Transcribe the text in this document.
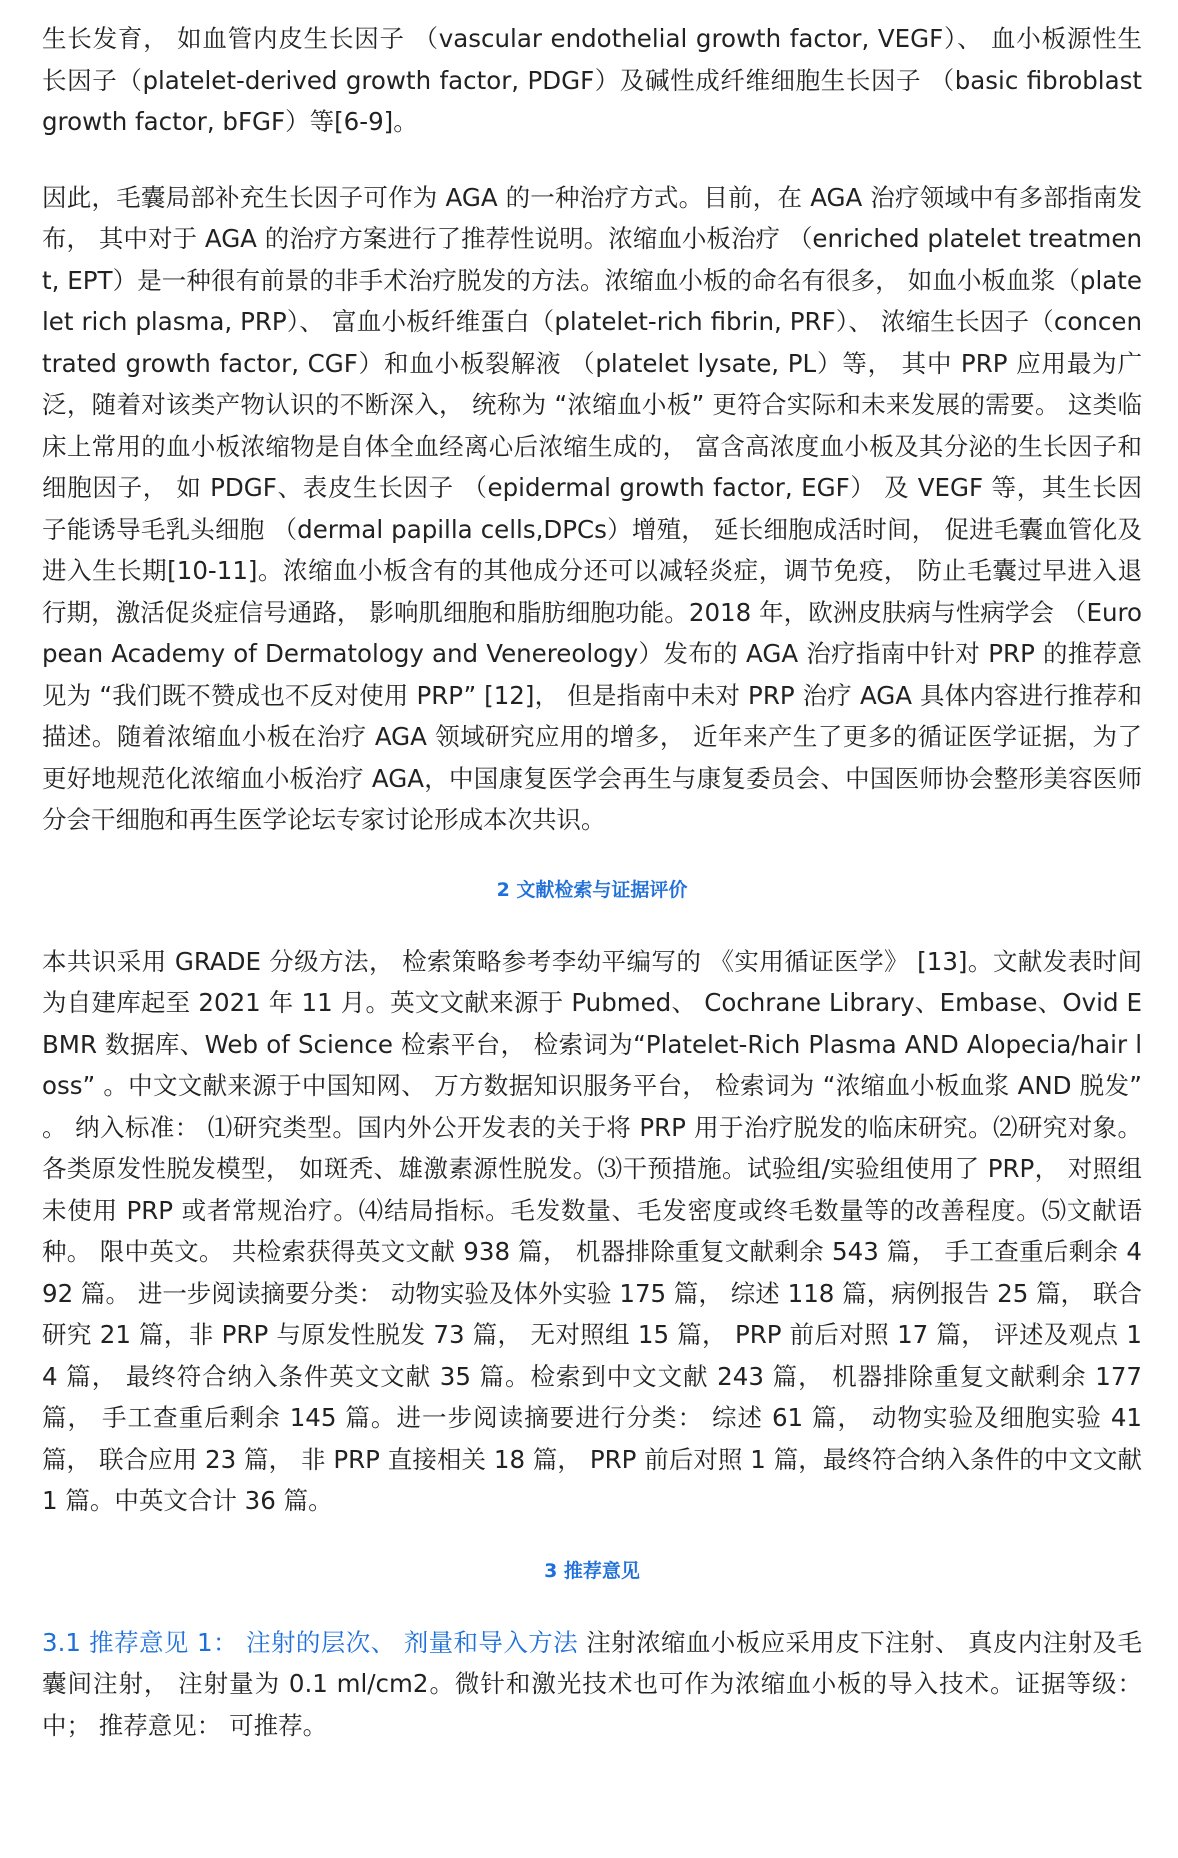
生长发育， 如血管内皮生长因子 （vascular endothelial growth factor, VEGF）、 血小板源性生长因子（platelet-derived growth factor, PDGF）及碱性成纤维细胞生长因子 （basic fibroblast growth factor, bFGF）等[6-9]。

因此，毛囊局部补充生长因子可作为 AGA 的一种治疗方式。目前，在 AGA 治疗领域中有多部指南发布， 其中对于 AGA 的治疗方案进行了推荐性说明。浓缩血小板治疗 （enriched platelet treatment, EPT）是一种很有前景的非手术治疗脱发的方法。浓缩血小板的命名有很多， 如血小板血浆（platelet rich plasma, PRP）、 富血小板纤维蛋白（platelet-rich fibrin, PRF）、 浓缩生长因子（concentrated growth factor, CGF）和血小板裂解液 （platelet lysate, PL）等， 其中 PRP 应用最为广泛，随着对该类产物认识的不断深入， 统称为 “浓缩血小板” 更符合实际和未来发展的需要。 这类临床上常用的血小板浓缩物是自体全血经离心后浓缩生成的， 富含高浓度血小板及其分泌的生长因子和细胞因子， 如 PDGF、表皮生长因子 （epidermal growth factor, EGF） 及 VEGF 等，其生长因子能诱导毛乳头细胞 （dermal papilla cells,DPCs）增殖， 延长细胞成活时间， 促进毛囊血管化及进入生长期[10-11]。浓缩血小板含有的其他成分还可以减轻炎症，调节免疫， 防止毛囊过早进入退行期，激活促炎症信号通路， 影响肌细胞和脂肪细胞功能。2018 年，欧洲皮肤病与性病学会 （European Academy of Dermatology and Venereology）发布的 AGA 治疗指南中针对 PRP 的推荐意见为 “我们既不赞成也不反对使用 PRP” [12]， 但是指南中未对 PRP 治疗 AGA 具体内容进行推荐和描述。随着浓缩血小板在治疗 AGA 领域研究应用的增多， 近年来产生了更多的循证医学证据，为了更好地规范化浓缩血小板治疗 AGA，中国康复医学会再生与康复委员会、中国医师协会整形美容医师分会干细胞和再生医学论坛专家讨论形成本次共识。

2 文献检索与证据评价

本共识采用 GRADE 分级方法， 检索策略参考李幼平编写的 《实用循证医学》 [13]。文献发表时间为自建库起至 2021 年 11 月。英文文献来源于 Pubmed、 Cochrane Library、Embase、Ovid EBMR 数据库、Web of Science 检索平台， 检索词为“Platelet-Rich Plasma AND Alopecia/hair loss” 。中文文献来源于中国知网、 万方数据知识服务平台， 检索词为 “浓缩血小板血浆 AND 脱发” 。 纳入标准： ⑴研究类型。国内外公开发表的关于将 PRP 用于治疗脱发的临床研究。⑵研究对象。各类原发性脱发模型， 如斑秃、雄激素源性脱发。⑶干预措施。试验组/实验组使用了 PRP， 对照组未使用 PRP 或者常规治疗。⑷结局指标。毛发数量、毛发密度或终毛数量等的改善程度。⑸文献语种。 限中英文。 共检索获得英文文献 938 篇， 机器排除重复文献剩余 543 篇， 手工查重后剩余 492 篇。 进一步阅读摘要分类： 动物实验及体外实验 175 篇， 综述 118 篇，病例报告 25 篇， 联合研究 21 篇，非 PRP 与原发性脱发 73 篇， 无对照组 15 篇， PRP 前后对照 17 篇， 评述及观点 14 篇， 最终符合纳入条件英文文献 35 篇。检索到中文文献 243 篇， 机器排除重复文献剩余 177 篇， 手工查重后剩余 145 篇。进一步阅读摘要进行分类： 综述 61 篇， 动物实验及细胞实验 41 篇， 联合应用 23 篇， 非 PRP 直接相关 18 篇， PRP 前后对照 1 篇，最终符合纳入条件的中文文献 1 篇。中英文合计 36 篇。

3 推荐意见

3.1 推荐意见 1： 注射的层次、 剂量和导入方法 注射浓缩血小板应采用皮下注射、 真皮内注射及毛囊间注射， 注射量为 0.1 ml/cm2。微针和激光技术也可作为浓缩血小板的导入技术。证据等级： 中； 推荐意见： 可推荐。
